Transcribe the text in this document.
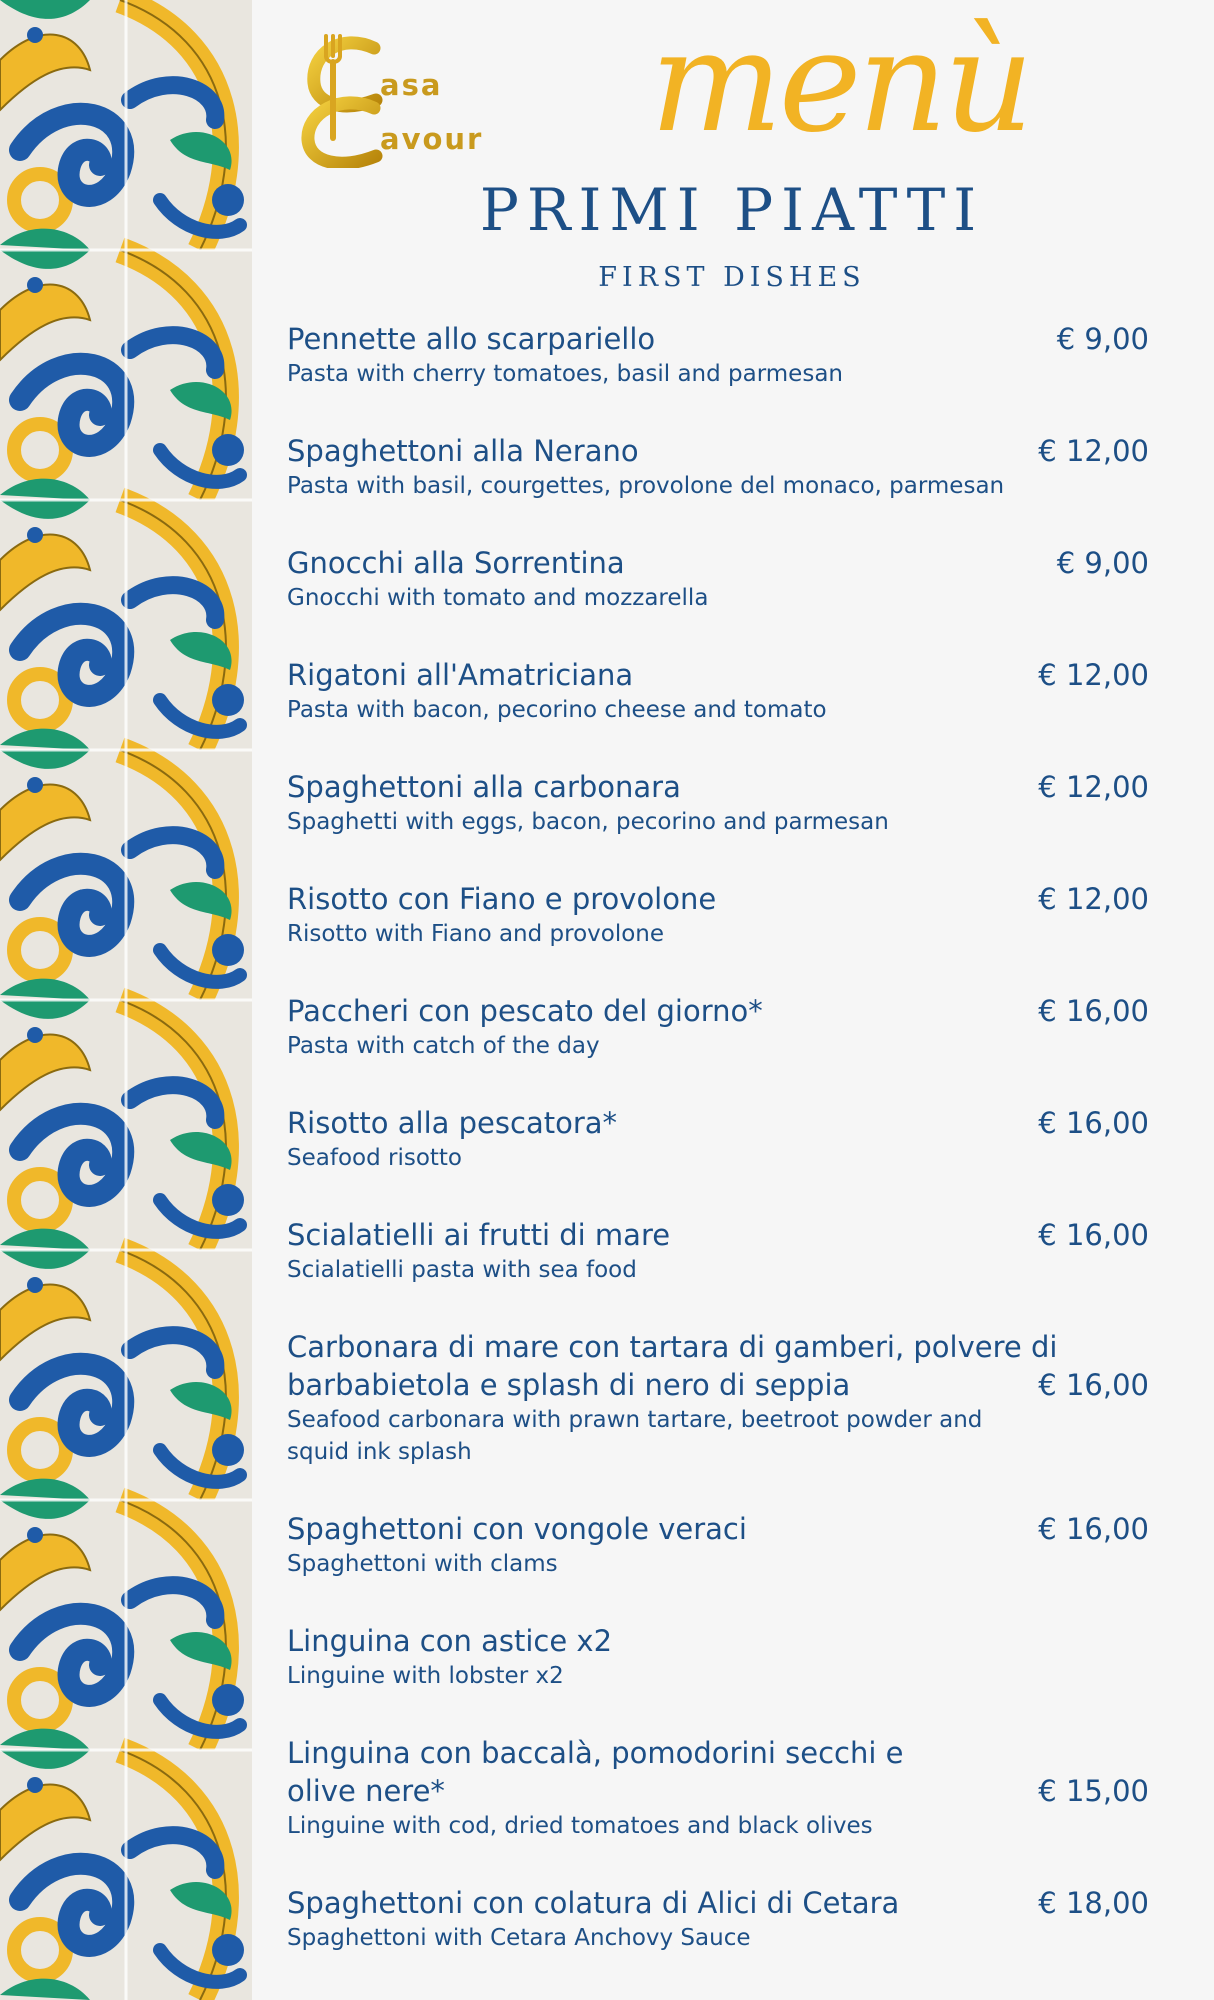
asa
avour menù
PRIMI PIATTI
FIRST DISHES
€ 9,00
Pennette allo scarpariello
Pasta with cherry tomatoes, basil and parmesan
€ 12,00
Spaghettoni alla Nerano
Pasta with basil, courgettes, provolone del monaco, parmesan
€ 9,00
Gnocchi alla Sorrentina
Gnocchi with tomato and mozzarella
€ 12,00
Rigatoni all'Amatriciana
Pasta with bacon, pecorino cheese and tomato
€ 12,00
Spaghettoni alla carbonara
Spaghetti with eggs, bacon, pecorino and parmesan
€ 12,00
Risotto con Fiano e provolone
Risotto with Fiano and provolone
€ 16,00
Paccheri con pescato del giorno*
Pasta with catch of the day
€ 16,00
Risotto alla pescatora*
Seafood risotto
€ 16,00
Scialatielli ai frutti di mare
Scialatielli pasta with sea food
€ 16,00
Carbonara di mare con tartara di gamberi, polvere di barbabietola e splash di nero di seppia
Seafood carbonara with prawn tartare, beetroot powder and squid ink splash
€ 16,00
Spaghettoni con vongole veraci
Spaghettoni with clams
Linguina con astice x2
Linguine with lobster x2
€ 15,00
Linguina con baccalà, pomodorini secchi e olive nere*
Linguine with cod, dried tomatoes and black olives
€ 18,00
Spaghettoni con colatura di Alici di Cetara
Spaghettoni with Cetara Anchovy Sauce
